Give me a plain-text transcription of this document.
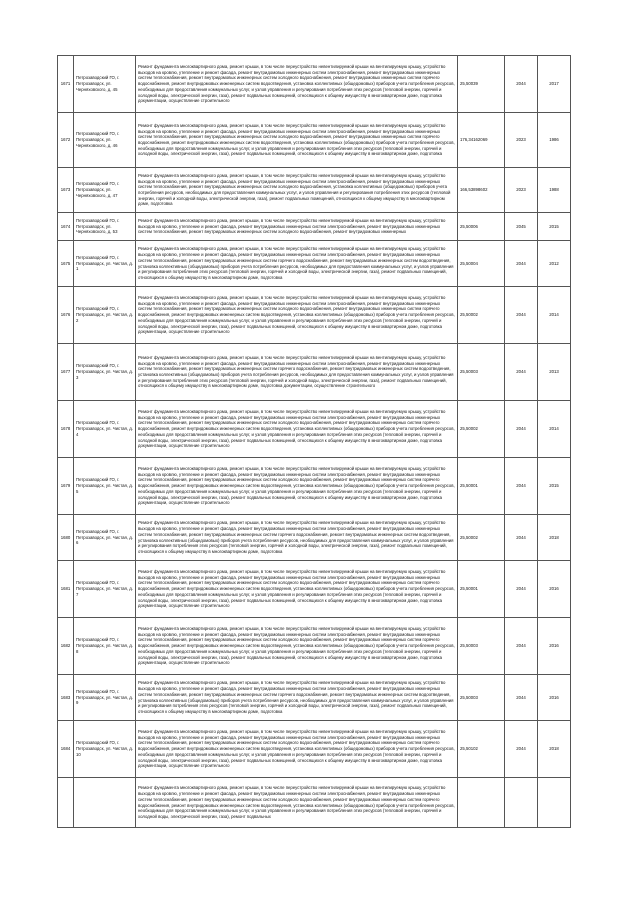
1671	Петрозаводский ГО, г. Петрозаводск, ул. Черняховского, д. 45	Ремонт фундамента многоквартирного дома, ремонт крыши, в том числе переустройство невентилируемой крыши на вентилируемую крышу, устройство выходов на кровлю, утепление и ремонт фасада, ремонт внутридомовых инженерных систем электроснабжения, ремонт внутридомовых инженерных систем теплоснабжения, ремонт внутридомовых инженерных систем холодного водоснабжения, ремонт внутридомовых инженерных систем горячего водоснабжения, ремонт внутридомовых инженерных систем водоотведения, установка коллективных (общедомовых) приборов учета потребления ресурсов, необходимых для предоставления коммунальных услуг, и узлов управления и регулирования потребления этих ресурсов (тепловой энергии, горячей и холодной воды, электрической энергии, газа), ремонт подвальных помещений, относящихся к общему имуществу в многоквартирном доме, подготовка документации, осуществление строительного	25,50039	2044	2017
1672	Петрозаводский ГО, г. Петрозаводск, ул. Черняховского, д. 46	Ремонт фундамента многоквартирного дома, ремонт крыши, в том числе переустройство невентилируемой крыши на вентилируемую крышу, устройство выходов на кровлю, утепление и ремонт фасада, ремонт внутридомовых инженерных систем электроснабжения, ремонт внутридомовых инженерных систем теплоснабжения, ремонт внутридомовых инженерных систем холодного водоснабжения, ремонт внутридомовых инженерных систем горячего водоснабжения, ремонт внутридомовых инженерных систем водоотведения, установка коллективных (общедомовых) приборов учета потребления ресурсов, необходимых для предоставления коммунальных услуг, и узлов управления и регулирования потребления этих ресурсов (тепловой энергии, горячей и холодной воды, электрической энергии, газа), ремонт подвальных помещений, относящихся к общему имуществу в многоквартирном доме, подготовка	176,34162069	2023	1986
1673	Петрозаводский ГО, г. Петрозаводск, ул. Черняховского, д. 47	Ремонт фундамента многоквартирного дома, ремонт крыши, в том числе переустройство невентилируемой крыши на вентилируемую крышу, устройство выходов на кровлю, утепление и ремонт фасада, ремонт внутридомовых инженерных систем электроснабжения, ремонт внутридомовых инженерных систем теплоснабжения, ремонт внутридомовых инженерных систем холодного водоснабжения, установка коллективных (общедомовых) приборов учета потребления ресурсов, необходимых для предоставления коммунальных услуг, и узлов управления и регулирования потребления этих ресурсов (тепловой энергии, горячей и холодной воды, электрической энергии, газа), ремонт подвальных помещений, относящихся к общему имуществу в многоквартирном доме, подготовка	166,53898602	2023	1988
1674	Петрозаводский ГО, г. Петрозаводск, ул. Черняховского, д. 53	Ремонт фундамента многоквартирного дома, ремонт крыши, в том числе переустройство невентилируемой крыши на вентилируемую крышу, устройство выходов на кровлю, утепление и ремонт фасада, ремонт внутридомовых инженерных систем электроснабжения, ремонт внутридомовых инженерных систем теплоснабжения, ремонт внутридомовых инженерных систем холодного водоснабжения, ремонт внутридомовых инженерных	25,50006	2045	2015
1675	Петрозаводский ГО, г. Петрозаводск, ул. Чистая, д. 1	Ремонт фундамента многоквартирного дома, ремонт крыши, в том числе переустройство невентилируемой крыши на вентилируемую крышу, устройство выходов на кровлю, утепление и ремонт фасада, ремонт внутридомовых инженерных систем электроснабжения, ремонт внутридомовых инженерных систем теплоснабжения, ремонт внутридомовых инженерных систем горячего водоснабжения, ремонт внутридомовых инженерных систем водоотведения, установка коллективных (общедомовых) приборов учета потребления ресурсов, необходимых для предоставления коммунальных услуг, и узлов управления и регулирования потребления этих ресурсов (тепловой энергии, горячей и холодной воды, электрической энергии, газа), ремонт подвальных помещений, относящихся к общему имуществу в многоквартирном доме, подготовка	25,50004	2044	2012
1676	Петрозаводский ГО, г. Петрозаводск, ул. Чистая, д. 2	Ремонт фундамента многоквартирного дома, ремонт крыши, в том числе переустройство невентилируемой крыши на вентилируемую крышу, устройство выходов на кровлю, утепление и ремонт фасада, ремонт внутридомовых инженерных систем электроснабжения, ремонт внутридомовых инженерных систем теплоснабжения, ремонт внутридомовых инженерных систем холодного водоснабжения, ремонт внутридомовых инженерных систем горячего водоснабжения, ремонт внутридомовых инженерных систем водоотведения, установка коллективных (общедомовых) приборов учета потребления ресурсов, необходимых для предоставления коммунальных услуг, и узлов управления и регулирования потребления этих ресурсов (тепловой энергии, горячей и холодной воды, электрической энергии, газа), ремонт подвальных помещений, относящихся к общему имуществу в многоквартирном доме, подготовка документации, осуществление строительного	25,50002	2044	2014
1677	Петрозаводский ГО, г. Петрозаводск, ул. Чистая, д. 3	Ремонт фундамента многоквартирного дома, ремонт крыши, в том числе переустройство невентилируемой крыши на вентилируемую крышу, устройство выходов на кровлю, утепление и ремонт фасада, ремонт внутридомовых инженерных систем электроснабжения, ремонт внутридомовых инженерных систем теплоснабжения, ремонт внутридомовых инженерных систем горячего водоснабжения, ремонт внутридомовых инженерных систем водоотведения, установка коллективных (общедомовых) приборов учета потребления ресурсов, необходимых для предоставления коммунальных услуг, и узлов управления и регулирования потребления этих ресурсов (тепловой энергии, горячей и холодной воды, электрической энергии, газа), ремонт подвальных помещений, относящихся к общему имуществу в многоквартирном доме, подготовка документации, осуществление строительного	25,50003	2044	2013
1678	Петрозаводский ГО, г. Петрозаводск, ул. Чистая, д. 4	Ремонт фундамента многоквартирного дома, ремонт крыши, в том числе переустройство невентилируемой крыши на вентилируемую крышу, устройство выходов на кровлю, утепление и ремонт фасада, ремонт внутридомовых инженерных систем электроснабжения, ремонт внутридомовых инженерных систем теплоснабжения, ремонт внутридомовых инженерных систем холодного водоснабжения, ремонт внутридомовых инженерных систем горячего водоснабжения, ремонт внутридомовых инженерных систем водоотведения, установка коллективных (общедомовых) приборов учета потребления ресурсов, необходимых для предоставления коммунальных услуг, и узлов управления и регулирования потребления этих ресурсов (тепловой энергии, горячей и холодной воды, электрической энергии, газа), ремонт подвальных помещений, относящихся к общему имуществу в многоквартирном доме, подготовка документации, осуществление строительного	25,50002	2044	2014
1679	Петрозаводский ГО, г. Петрозаводск, ул. Чистая, д. 5	Ремонт фундамента многоквартирного дома, ремонт крыши, в том числе переустройство невентилируемой крыши на вентилируемую крышу, устройство выходов на кровлю, утепление и ремонт фасада, ремонт внутридомовых инженерных систем электроснабжения, ремонт внутридомовых инженерных систем теплоснабжения, ремонт внутридомовых инженерных систем холодного водоснабжения, ремонт внутридомовых инженерных систем горячего водоснабжения, ремонт внутридомовых инженерных систем водоотведения, установка коллективных (общедомовых) приборов учета потребления ресурсов, необходимых для предоставления коммунальных услуг, и узлов управления и регулирования потребления этих ресурсов (тепловой энергии, горячей и холодной воды, электрической энергии, газа), ремонт подвальных помещений, относящихся к общему имуществу в многоквартирном доме, подготовка документации, осуществление строительного	25,50001	2044	2015
1680	Петрозаводский ГО, г. Петрозаводск, ул. Чистая, д. 6	Ремонт фундамента многоквартирного дома, ремонт крыши, в том числе переустройство невентилируемой крыши на вентилируемую крышу, устройство выходов на кровлю, утепление и ремонт фасада, ремонт внутридомовых инженерных систем электроснабжения, ремонт внутридомовых инженерных систем теплоснабжения, ремонт внутридомовых инженерных систем горячего водоснабжения, ремонт внутридомовых инженерных систем водоотведения, установка коллективных (общедомовых) приборов учета потребления ресурсов, необходимых для предоставления коммунальных услуг, и узлов управления и регулирования потребления этих ресурсов (тепловой энергии, горячей и холодной воды, электрической энергии, газа), ремонт подвальных помещений, относящихся к общему имуществу в многоквартирном доме, подготовка	25,50002	2044	2018
1681	Петрозаводский ГО, г. Петрозаводск, ул. Чистая, д. 7	Ремонт фундамента многоквартирного дома, ремонт крыши, в том числе переустройство невентилируемой крыши на вентилируемую крышу, устройство выходов на кровлю, утепление и ремонт фасада, ремонт внутридомовых инженерных систем электроснабжения, ремонт внутридомовых инженерных систем теплоснабжения, ремонт внутридомовых инженерных систем холодного водоснабжения, ремонт внутридомовых инженерных систем горячего водоснабжения, ремонт внутридомовых инженерных систем водоотведения, установка коллективных (общедомовых) приборов учета потребления ресурсов, необходимых для предоставления коммунальных услуг, и узлов управления и регулирования потребления этих ресурсов (тепловой энергии, горячей и холодной воды, электрической энергии, газа), ремонт подвальных помещений, относящихся к общему имуществу в многоквартирном доме, подготовка документации, осуществление строительного	25,50001	2044	2016
1682	Петрозаводский ГО, г. Петрозаводск, ул. Чистая, д. 8	Ремонт фундамента многоквартирного дома, ремонт крыши, в том числе переустройство невентилируемой крыши на вентилируемую крышу, устройство выходов на кровлю, утепление и ремонт фасада, ремонт внутридомовых инженерных систем электроснабжения, ремонт внутридомовых инженерных систем теплоснабжения, ремонт внутридомовых инженерных систем холодного водоснабжения, ремонт внутридомовых инженерных систем горячего водоснабжения, ремонт внутридомовых инженерных систем водоотведения, установка коллективных (общедомовых) приборов учета потребления ресурсов, необходимых для предоставления коммунальных услуг, и узлов управления и регулирования потребления этих ресурсов (тепловой энергии, горячей и холодной воды, электрической энергии, газа), ремонт подвальных помещений, относящихся к общему имуществу в многоквартирном доме, подготовка документации, осуществление строительного	25,50003	2044	2016
1683	Петрозаводский ГО, г. Петрозаводск, ул. Чистая, д. 9	Ремонт фундамента многоквартирного дома, ремонт крыши, в том числе переустройство невентилируемой крыши на вентилируемую крышу, устройство выходов на кровлю, утепление и ремонт фасада, ремонт внутридомовых инженерных систем электроснабжения, ремонт внутридомовых инженерных систем теплоснабжения, ремонт внутридомовых инженерных систем горячего водоснабжения, ремонт внутридомовых инженерных систем водоотведения, установка коллективных (общедомовых) приборов учета потребления ресурсов, необходимых для предоставления коммунальных услуг, и узлов управления и регулирования потребления этих ресурсов (тепловой энергии, горячей и холодной воды, электрической энергии, газа), ремонт подвальных помещений, относящихся к общему имуществу в многоквартирном доме, подготовка	25,50003	2044	2016
1684	Петрозаводский ГО, г. Петрозаводск, ул. Чистая, д. 10	Ремонт фундамента многоквартирного дома, ремонт крыши, в том числе переустройство невентилируемой крыши на вентилируемую крышу, устройство выходов на кровлю, утепление и ремонт фасада, ремонт внутридомовых инженерных систем электроснабжения, ремонт внутридомовых инженерных систем теплоснабжения, ремонт внутридомовых инженерных систем холодного водоснабжения, ремонт внутридомовых инженерных систем горячего водоснабжения, ремонт внутридомовых инженерных систем водоотведения, установка коллективных (общедомовых) приборов учета потребления ресурсов, необходимых для предоставления коммунальных услуг, и узлов управления и регулирования потребления этих ресурсов (тепловой энергии, горячей и холодной воды, электрической энергии, газа), ремонт подвальных помещений, относящихся к общему имуществу в многоквартирном доме, подготовка документации, осуществление строительного	25,50102	2044	2018
		Ремонт фундамента многоквартирного дома, ремонт крыши, в том числе переустройство невентилируемой крыши на вентилируемую крышу, устройство выходов на кровлю, утепление и ремонт фасада, ремонт внутридомовых инженерных систем электроснабжения, ремонт внутридомовых инженерных систем теплоснабжения, ремонт внутридомовых инженерных систем холодного водоснабжения, ремонт внутридомовых инженерных систем горячего водоснабжения, ремонт внутридомовых инженерных систем водоотведения, установка коллективных (общедомовых) приборов учета потребления ресурсов, необходимых для предоставления коммунальных услуг, и узлов управления и регулирования потребления этих ресурсов (тепловой энергии, горячей и холодной воды, электрической энергии, газа), ремонт подвальных			
